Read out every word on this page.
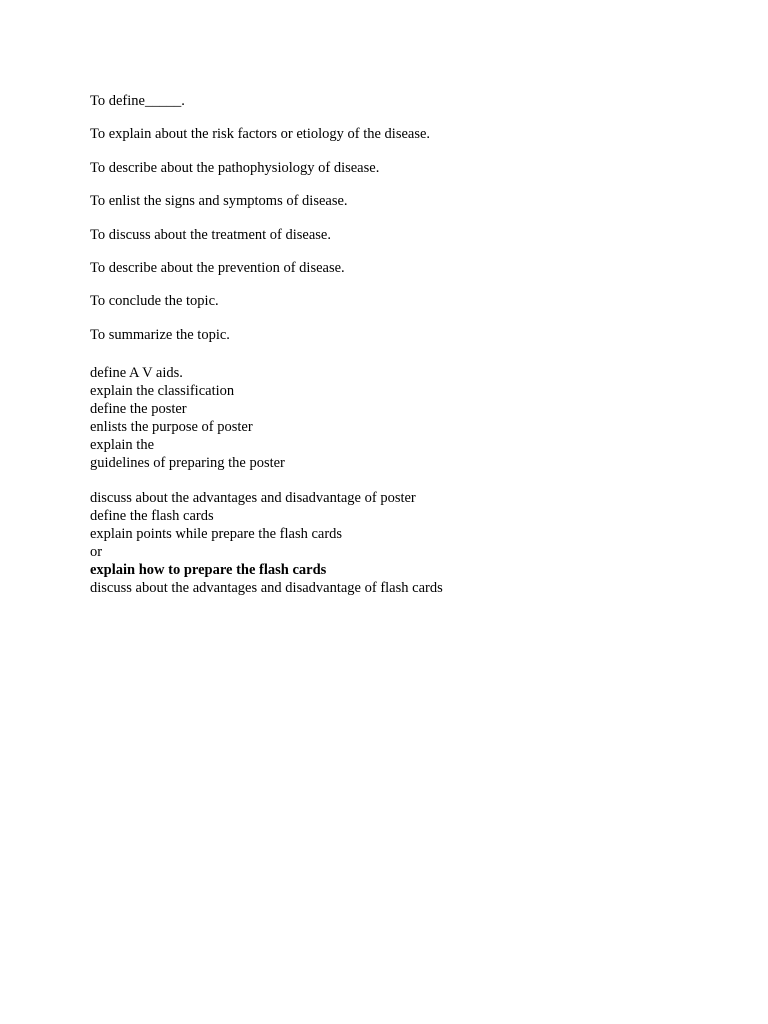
To define_____.

To explain about the risk factors or etiology of the disease.

To describe about the pathophysiology of disease.

To enlist the signs and symptoms of disease.

To discuss about the treatment of disease.

To describe about the prevention of disease.

To conclude the topic.

To summarize the topic.

define A V aids.
explain the classification
define the poster
enlists the purpose of poster
explain the
guidelines of preparing the poster
discuss about the advantages and disadvantage of poster
define the flash cards
explain points while prepare the flash cards
or
explain how to prepare the flash cards
discuss about the advantages and disadvantage of flash cards
